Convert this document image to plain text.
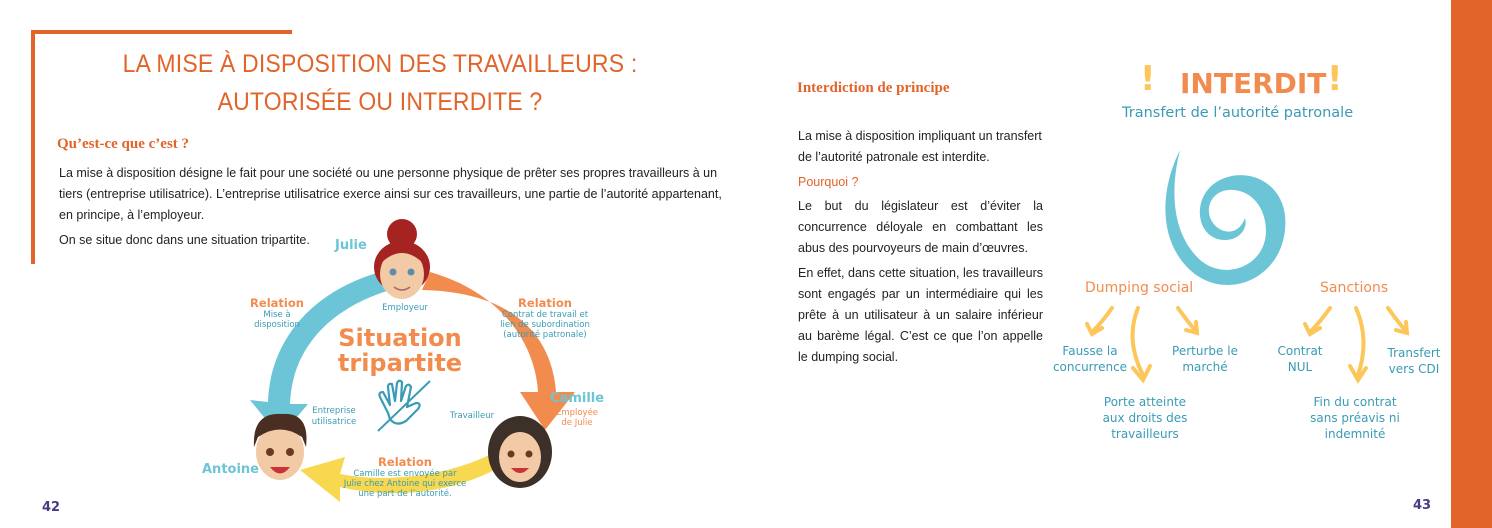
LA MISE À DISPOSITION DES TRAVAILLEURS :
AUTORISÉE OU INTERDITE ?
Qu’est-ce que c’est ?

La mise à disposition désigne le fait pour une société ou une personne physique de prêter ses propres travailleurs à un tiers (entreprise utilisatrice). L’entreprise utilisatrice exerce ainsi sur ces travailleurs, une partie de l’autorité appartenant, en principe, à l’employeur.

On se situe donc dans une situation tripartite.	Julie
Employeur
Relation
Mise à
disposition
Relation
Contrat de travail et
lien de subordination
(autorité patronale)
Situation
tripartite
Entreprise
utilisatrice
Antoine
Travailleur
Camille
Employée
de Julie
Relation
Camille est envoyée par
Julie chez Antoine qui exerce
une part de l’autorité.
42
Interdiction de principe
La mise à disposition impliquant un transfert de l’autorité patronale est interdite.
Pourquoi ?
Le but du législateur est d’éviter la concurrence déloyale en combattant les abus des pourvoyeurs de main d’œuvres.
En effet, dans cette situation, les travailleurs sont engagés par un intermédiaire qui les prête à un utilisateur à un salaire inférieur au barème légal. C’est ce que l’on appelle le dumping social.
! INTERDIT !
Transfert de l’autorité patronale
Dumping social	Sanctions
Fausse la
concurrence
Porte atteinte
aux droits des
travailleurs
Perturbe le
marché
Contrat
NUL
Fin du contrat
sans préavis ni
indemnité
Transfert
vers CDI
43
